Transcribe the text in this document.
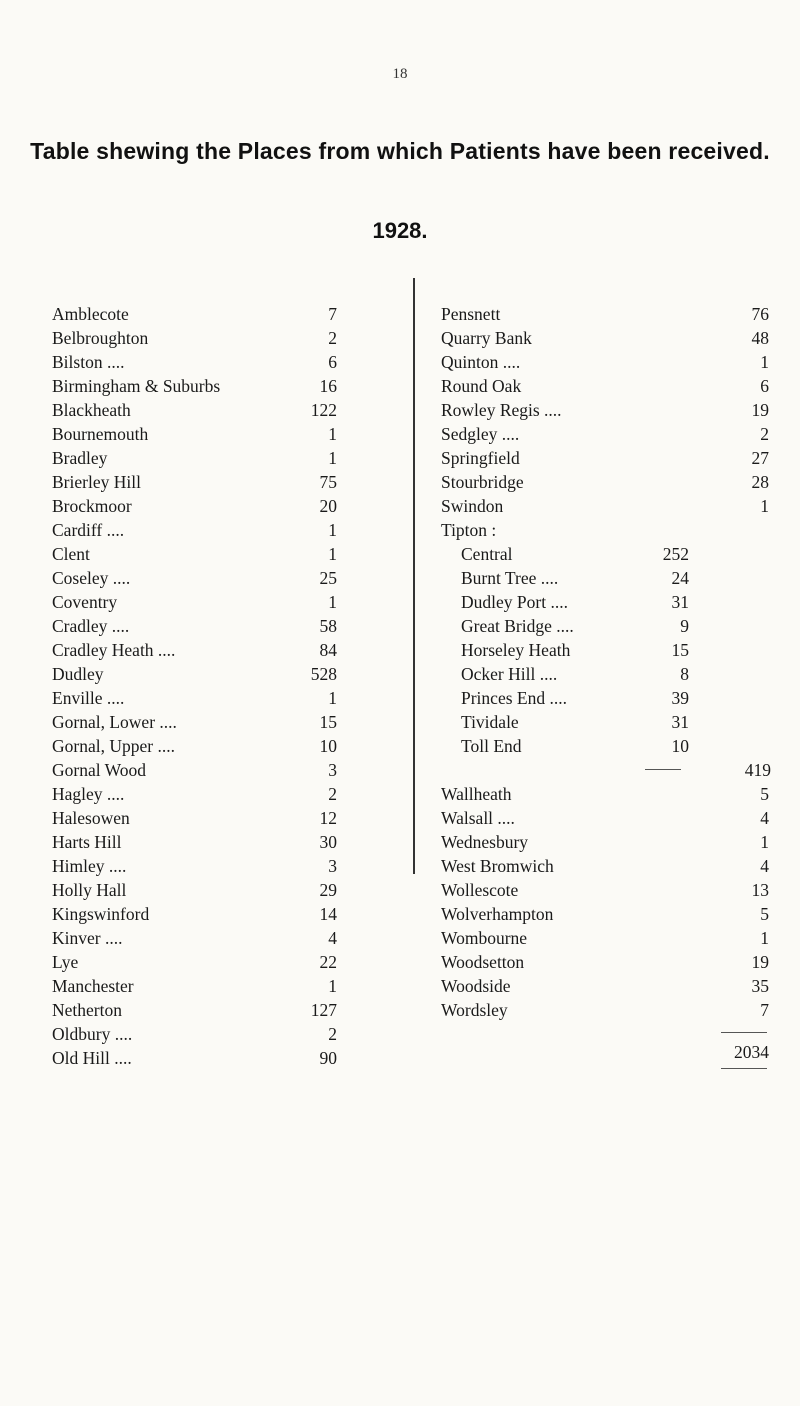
18
Table shewing the Places from which Patients have been received.
1928.
Amblecote	7
Belbroughton	2
Bilston ....	6
Birmingham & Suburbs	16
Blackheath	122
Bournemouth	1
Bradley	1
Brierley Hill	75
Brockmoor	20
Cardiff ....	1
Clent	1
Coseley ....	25
Coventry	1
Cradley ....	58
Cradley Heath ....	84
Dudley	528
Enville ....	1
Gornal, Lower ....	15
Gornal, Upper ....	10
Gornal Wood	3
Hagley ....	2
Halesowen	12
Harts Hill	30
Himley ....	3
Holly Hall	29
Kingswinford	14
Kinver ....	4
Lye	22
Manchester	1
Netherton	127
Oldbury ....	2
Old Hill ....	90
Pensnett	76
Quarry Bank	48
Quinton ....	1
Round Oak	6
Rowley Regis ....	19
Sedgley ....	2
Springfield	27
Stourbridge	28
Swindon	1
Tipton :
Central	252
Burnt Tree ....	24
Dudley Port ....	31
Great Bridge ....	9
Horseley Heath	15
Ocker Hill ....	8
Princes End ....	39
Tividale	31
Toll End	10
419
Wallheath	5
Walsall ....	4
Wednesbury	1
West Bromwich	4
Wollescote	13
Wolverhampton	5
Wombourne	1
Woodsetton	19
Woodside	35
Wordsley	7
2034
